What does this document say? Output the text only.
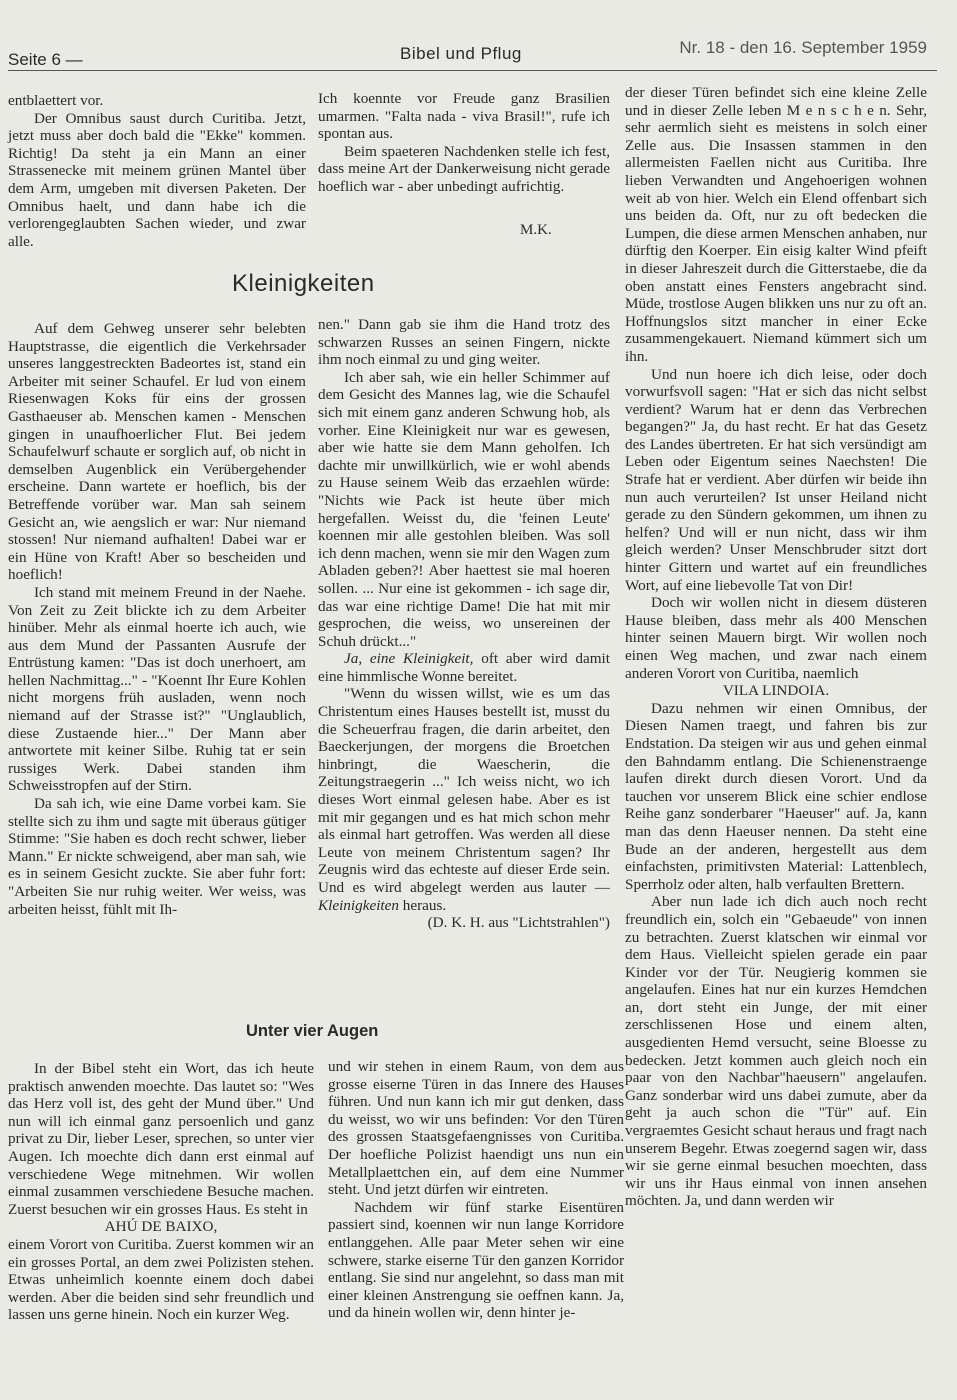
Seite 6 —	Bibel und Pflug	Nr. 18 - den 16. September 1959

entblaettert vor.

Der Omnibus saust durch Curitiba. Jetzt, jetzt muss aber doch bald die "Ekke" kommen. Richtig! Da steht ja ein Mann an einer Strassenecke mit meinem grünen Mantel über dem Arm, umgeben mit diversen Paketen. Der Omnibus haelt, und dann habe ich die verlorengeglaubten Sachen wieder, und zwar alle.

Ich koennte vor Freude ganz Brasilien umarmen. "Falta nada - viva Brasil!", rufe ich spontan aus.

Beim spaeteren Nachdenken stelle ich fest, dass meine Art der Dankerweisung nicht gerade hoeflich war - aber unbedingt aufrichtig.

M.K.
Kleinigkeiten

Auf dem Gehweg unserer sehr belebten Hauptstrasse, die eigentlich die Verkehrsader unseres langgestreckten Badeortes ist, stand ein Arbeiter mit seiner Schaufel. Er lud von einem Riesenwagen Koks für eins der grossen Gasthaeuser ab. Menschen kamen - Menschen gingen in unaufhoerlicher Flut. Bei jedem Schaufelwurf schaute er sorglich auf, ob nicht in demselben Augenblick ein Verübergehender erscheine. Dann wartete er hoeflich, bis der Betreffende vorüber war. Man sah seinem Gesicht an, wie aengslich er war: Nur niemand stossen! Nur niemand aufhalten! Dabei war er ein Hüne von Kraft! Aber so bescheiden und hoeflich!

Ich stand mit meinem Freund in der Naehe. Von Zeit zu Zeit blickte ich zu dem Arbeiter hinüber. Mehr als einmal hoerte ich auch, wie aus dem Mund der Passanten Ausrufe der Entrüstung kamen: "Das ist doch unerhoert, am hellen Nachmittag..." - "Koennt Ihr Eure Kohlen nicht morgens früh ausladen, wenn noch niemand auf der Strasse ist?" "Unglaublich, diese Zustaende hier..." Der Mann aber antwortete mit keiner Silbe. Ruhig tat er sein russiges Werk. Dabei standen ihm Schweisstropfen auf der Stirn.

Da sah ich, wie eine Dame vorbei kam. Sie stellte sich zu ihm und sagte mit überaus gütiger Stimme: "Sie haben es doch recht schwer, lieber Mann." Er nickte schweigend, aber man sah, wie es in seinem Gesicht zuckte. Sie aber fuhr fort: "Arbeiten Sie nur ruhig weiter. Wer weiss, was arbeiten heisst, fühlt mit Ih-

nen." Dann gab sie ihm die Hand trotz des schwarzen Russes an seinen Fingern, nickte ihm noch einmal zu und ging weiter.

Ich aber sah, wie ein heller Schimmer auf dem Gesicht des Mannes lag, wie die Schaufel sich mit einem ganz anderen Schwung hob, als vorher. Eine Kleinigkeit nur war es gewesen, aber wie hatte sie dem Mann geholfen. Ich dachte mir unwillkürlich, wie er wohl abends zu Hause seinem Weib das erzaehlen würde: "Nichts wie Pack ist heute über mich hergefallen. Weisst du, die 'feinen Leute' koennen mir alle gestohlen bleiben. Was soll ich denn machen, wenn sie mir den Wagen zum Abladen geben?! Aber haettest sie mal hoeren sollen. ... Nur eine ist gekommen - ich sage dir, das war eine richtige Dame! Die hat mit mir gesprochen, die weiss, wo unsereinen der Schuh drückt..."

Ja, eine Kleinigkeit, oft aber wird damit eine himmlische Wonne bereitet.

"Wenn du wissen willst, wie es um das Christentum eines Hauses bestellt ist, musst du die Scheuerfrau fragen, die darin arbeitet, den Baeckerjungen, der morgens die Broetchen hinbringt, die Waescherin, die Zeitungstraegerin ..." Ich weiss nicht, wo ich dieses Wort einmal gelesen habe. Aber es ist mit mir gegangen und es hat mich schon mehr als einmal hart getroffen. Was werden all diese Leute von meinem Christentum sagen? Ihr Zeugnis wird das echteste auf dieser Erde sein. Und es wird abgelegt werden aus lauter — Kleinigkeiten heraus.

(D. K. H. aus "Lichtstrahlen")

Unter vier Augen

In der Bibel steht ein Wort, das ich heute praktisch anwenden moechte. Das lautet so: "Wes das Herz voll ist, des geht der Mund über." Und nun will ich einmal ganz persoenlich und ganz privat zu Dir, lieber Leser, sprechen, so unter vier Augen. Ich moechte dich dann erst einmal auf verschiedene Wege mitnehmen. Wir wollen einmal zusammen verschiedene Besuche machen. Zuerst besuchen wir ein grosses Haus. Es steht in

AHÚ DE BAIXO,

einem Vorort von Curitiba. Zuerst kommen wir an ein grosses Portal, an dem zwei Polizisten stehen. Etwas unheimlich koennte einem doch dabei werden. Aber die beiden sind sehr freundlich und lassen uns gerne hinein. Noch ein kurzer Weg.

und wir stehen in einem Raum, von dem aus grosse eiserne Türen in das Innere des Hauses führen. Und nun kann ich mir gut denken, dass du weisst, wo wir uns befinden: Vor den Türen des grossen Staatsgefaengnisses von Curitiba. Der hoefliche Polizist haendigt uns nun ein Metallplaettchen ein, auf dem eine Nummer steht. Und jetzt dürfen wir eintreten.

Nachdem wir fünf starke Eisentüren passiert sind, koennen wir nun lange Korridore entlanggehen. Alle paar Meter sehen wir eine schwere, starke eiserne Tür den ganzen Korridor entlang. Sie sind nur angelehnt, so dass man mit einer kleinen Anstrengung sie oeffnen kann. Ja, und da hinein wollen wir, denn hinter je-

der dieser Türen befindet sich eine kleine Zelle und in dieser Zelle leben M e n s c h e n. Sehr, sehr aermlich sieht es meistens in solch einer Zelle aus. Die Insassen stammen in den allermeisten Faellen nicht aus Curitiba. Ihre lieben Verwandten und Angehoerigen wohnen weit ab von hier. Welch ein Elend offenbart sich uns beiden da. Oft, nur zu oft bedecken die Lumpen, die diese armen Menschen anhaben, nur dürftig den Koerper. Ein eisig kalter Wind pfeift in dieser Jahreszeit durch die Gitterstaebe, die da oben anstatt eines Fensters angebracht sind. Müde, trostlose Augen blikken uns nur zu oft an. Hoffnungslos sitzt mancher in einer Ecke zusammengekauert. Niemand kümmert sich um ihn.

Und nun hoere ich dich leise, oder doch vorwurfsvoll sagen: "Hat er sich das nicht selbst verdient? Warum hat er denn das Verbrechen begangen?" Ja, du hast recht. Er hat das Gesetz des Landes übertreten. Er hat sich versündigt am Leben oder Eigentum seines Naechsten! Die Strafe hat er verdient. Aber dürfen wir beide ihn nun auch verurteilen? Ist unser Heiland nicht gerade zu den Sündern gekommen, um ihnen zu helfen? Und will er nun nicht, dass wir ihm gleich werden? Unser Menschbruder sitzt dort hinter Gittern und wartet auf ein freundliches Wort, auf eine liebevolle Tat von Dir!

Doch wir wollen nicht in diesem düsteren Hause bleiben, dass mehr als 400 Menschen hinter seinen Mauern birgt. Wir wollen noch einen Weg machen, und zwar nach einem anderen Vorort von Curitiba, naemlich

VILA LINDOIA.

Dazu nehmen wir einen Omnibus, der Diesen Namen traegt, und fahren bis zur Endstation. Da steigen wir aus und gehen einmal den Bahndamm entlang. Die Schienenstraenge laufen direkt durch diesen Vorort. Und da tauchen vor unserem Blick eine schier endlose Reihe ganz sonderbarer "Haeuser" auf. Ja, kann man das denn Haeuser nennen. Da steht eine Bude an der anderen, hergestellt aus dem einfachsten, primitivsten Material: Lattenblech, Sperrholz oder alten, halb verfaulten Brettern.

Aber nun lade ich dich auch noch recht freundlich ein, solch ein "Gebaeude" von innen zu betrachten. Zuerst klatschen wir einmal vor dem Haus. Vielleicht spielen gerade ein paar Kinder vor der Tür. Neugierig kommen sie angelaufen. Eines hat nur ein kurzes Hemdchen an, dort steht ein Junge, der mit einer zerschlissenen Hose und einem alten, ausgedienten Hemd versucht, seine Bloesse zu bedecken. Jetzt kommen auch gleich noch ein paar von den Nachbar"haeusern" angelaufen. Ganz sonderbar wird uns dabei zumute, aber da geht ja auch schon die "Tür" auf. Ein vergraemtes Gesicht schaut heraus und fragt nach unserem Begehr. Etwas zoegernd sagen wir, dass wir sie gerne einmal besuchen moechten, dass wir uns ihr Haus einmal von innen ansehen möchten. Ja, und dann werden wir
